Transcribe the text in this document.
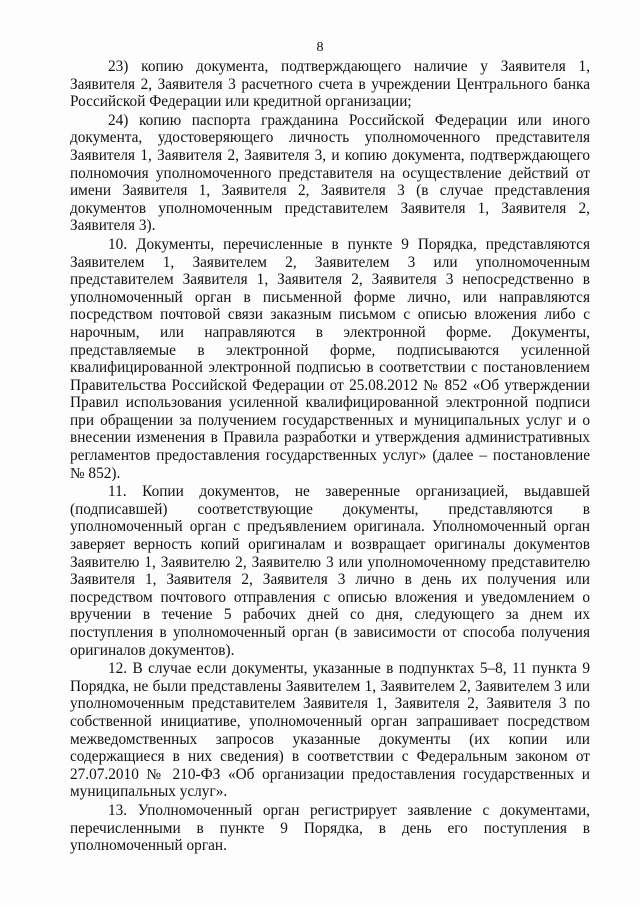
8

23) копию документа, подтверждающего наличие у Заявителя 1, Заявителя 2, Заявителя 3 расчетного счета в учреждении Центрального банка Российской Федерации или кредитной организации;

24) копию паспорта гражданина Российской Федерации или иного документа, удостоверяющего личность уполномоченного представителя Заявителя 1, Заявителя 2, Заявителя 3, и копию документа, подтверждающего полномочия уполномоченного представителя на осуществление действий от имени Заявителя 1, Заявителя 2, Заявителя 3 (в случае представления документов уполномоченным представителем Заявителя 1, Заявителя 2, Заявителя 3).

10. Документы, перечисленные в пункте 9 Порядка, представляются Заявителем 1, Заявителем 2, Заявителем 3 или уполномоченным представителем Заявителя 1, Заявителя 2, Заявителя 3 непосредственно в уполномоченный орган в письменной форме лично, или направляются посредством почтовой связи заказным письмом с описью вложения либо с нарочным, или направляются в электронной форме. Документы, представляемые в электронной форме, подписываются усиленной квалифицированной электронной подписью в соответствии с постановлением Правительства Российской Федерации от 25.08.2012 № 852 «Об утверждении Правил использования усиленной квалифицированной электронной подписи при обращении за получением государственных и муниципальных услуг и о внесении изменения в Правила разработки и утверждения административных регламентов предоставления государственных услуг» (далее – постановление № 852).

11. Копии документов, не заверенные организацией, выдавшей (подписавшей) соответствующие документы, представляются в уполномоченный орган с предъявлением оригинала. Уполномоченный орган заверяет верность копий оригиналам и возвращает оригиналы документов Заявителю 1, Заявителю 2, Заявителю 3 или уполномоченному представителю Заявителя 1, Заявителя 2, Заявителя 3 лично в день их получения или посредством почтового отправления с описью вложения и уведомлением о вручении в течение 5 рабочих дней со дня, следующего за днем их поступления в уполномоченный орган (в зависимости от способа получения оригиналов документов).

12. В случае если документы, указанные в подпунктах 5–8, 11 пункта 9 Порядка, не были представлены Заявителем 1, Заявителем 2, Заявителем 3 или уполномоченным представителем Заявителя 1, Заявителя 2, Заявителя 3 по собственной инициативе, уполномоченный орган запрашивает посредством межведомственных запросов указанные документы (их копии или содержащиеся в них сведения) в соответствии с Федеральным законом от 27.07.2010 № 210-ФЗ «Об организации предоставления государственных и муниципальных услуг».

13. Уполномоченный орган регистрирует заявление с документами, перечисленными в пункте 9 Порядка, в день его поступления в уполномоченный орган.
